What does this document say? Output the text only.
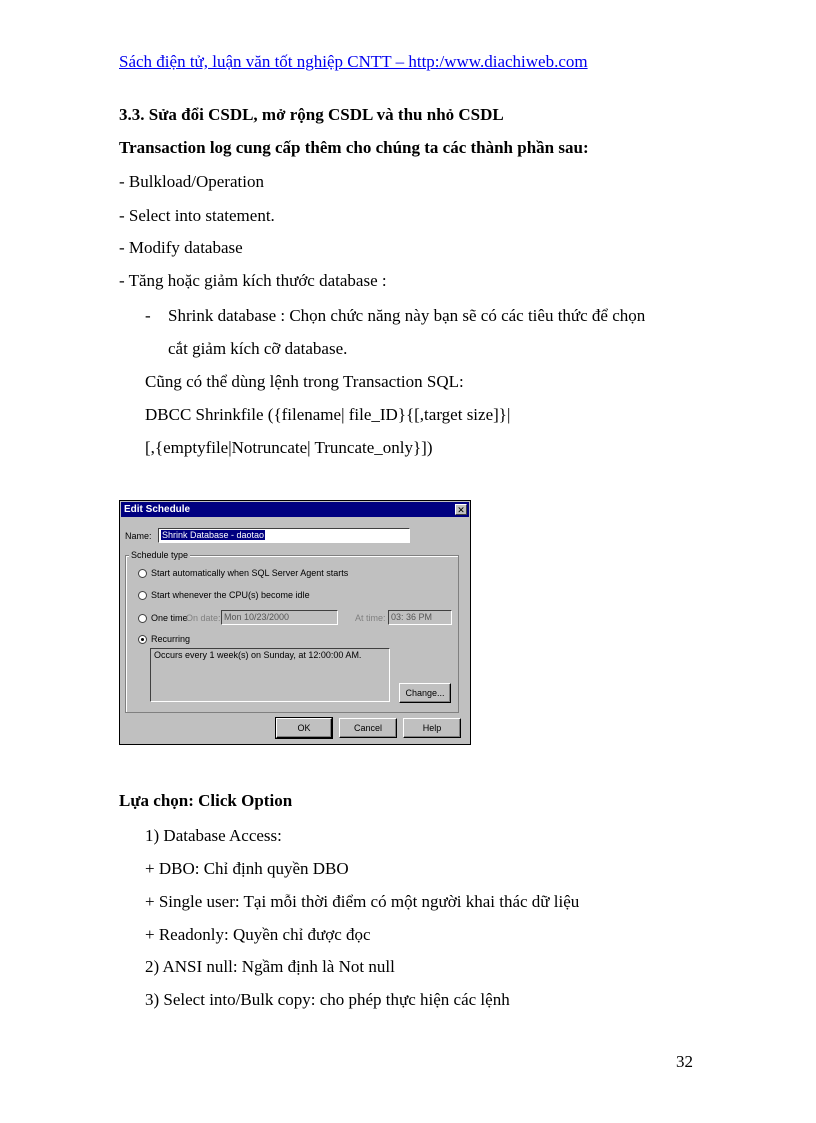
Sách điện tử, luận văn tốt nghiệp CNTT – http:/www.diachiweb.com
3.3. Sửa đổi CSDL, mở rộng CSDL và thu nhỏ CSDL
Transaction log cung cấp thêm cho chúng ta các thành phần sau:
- Bulkload/Operation
- Select into statement.
- Modify database
- Tăng hoặc giảm kích thước database :
- Shrink database : Chọn chức năng này bạn sẽ có các tiêu thức để chọn
cắt giảm kích cỡ database.
Cũng có thể dùng lệnh trong Transaction SQL:
DBCC Shrinkfile ({filename| file_ID}{[,target size]}|
[,{emptyfile|Notruncate| Truncate_only}])
Edit Schedule	✕
Name:	Shrink Database - daotao
Schedule type
Start automatically when SQL Server Agent starts
Start whenever the CPU(s) become idle
One time
On date: Mon 10/23/2000	At time: 03: 36 PM
Recurring
Occurs every 1 week(s) on Sunday, at 12:00:00 AM.
Change...
OK	Cancel	Help
Lựa chọn: Click Option
1) Database Access:
+ DBO: Chỉ định quyền DBO
+ Single user: Tại mỗi thời điểm có một người khai thác dữ liệu
+ Readonly: Quyền chỉ được đọc
2) ANSI null: Ngầm định là Not null
3) Select into/Bulk copy: cho phép thực hiện các lệnh
32
